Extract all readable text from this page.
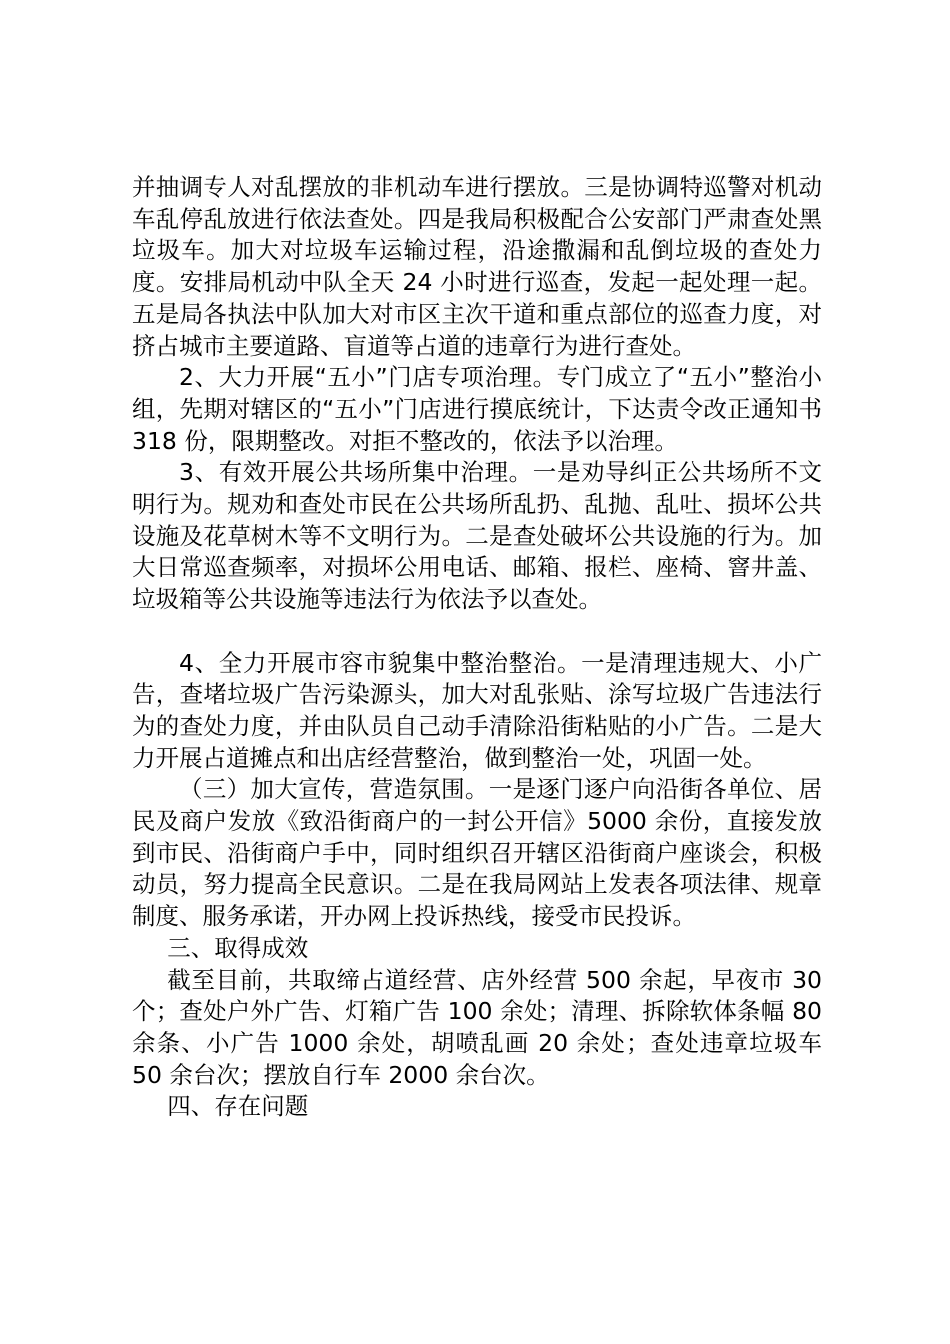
并抽调专人对乱摆放的非机动车进行摆放。三是协调特巡警对机动车乱停乱放进行依法查处。四是我局积极配合公安部门严肃查处黑垃圾车。加大对垃圾车运输过程，沿途撒漏和乱倒垃圾的查处力度。安排局机动中队全天 24 小时进行巡查，发起一起处理一起。五是局各执法中队加大对市区主次干道和重点部位的巡查力度，对挤占城市主要道路、盲道等占道的违章行为进行查处。

2、大力开展“五小”门店专项治理。专门成立了“五小”整治小组，先期对辖区的“五小”门店进行摸底统计，下达责令改正通知书 318 份，限期整改。对拒不整改的，依法予以治理。

3、有效开展公共场所集中治理。一是劝导纠正公共场所不文明行为。规劝和查处市民在公共场所乱扔、乱抛、乱吐、损坏公共设施及花草树木等不文明行为。二是查处破坏公共设施的行为。加大日常巡查频率，对损坏公用电话、邮箱、报栏、座椅、窨井盖、垃圾箱等公共设施等违法行为依法予以查处。

4、全力开展市容市貌集中整治整治。一是清理违规大、小广告，查堵垃圾广告污染源头，加大对乱张贴、涂写垃圾广告违法行为的查处力度，并由队员自己动手清除沿街粘贴的小广告。二是大力开展占道摊点和出店经营整治，做到整治一处，巩固一处。

（三）加大宣传，营造氛围。一是逐门逐户向沿街各单位、居民及商户发放《致沿街商户的一封公开信》5000 余份，直接发放到市民、沿街商户手中，同时组织召开辖区沿街商户座谈会，积极动员，努力提高全民意识。二是在我局网站上发表各项法律、规章制度、服务承诺，开办网上投诉热线，接受市民投诉。

三、取得成效

截至目前，共取缔占道经营、店外经营 500 余起，早夜市 30 个；查处户外广告、灯箱广告 100 余处；清理、拆除软体条幅 80 余条、小广告 1000 余处，胡喷乱画 20 余处；查处违章垃圾车 50 余台次；摆放自行车 2000 余台次。

四、存在问题
